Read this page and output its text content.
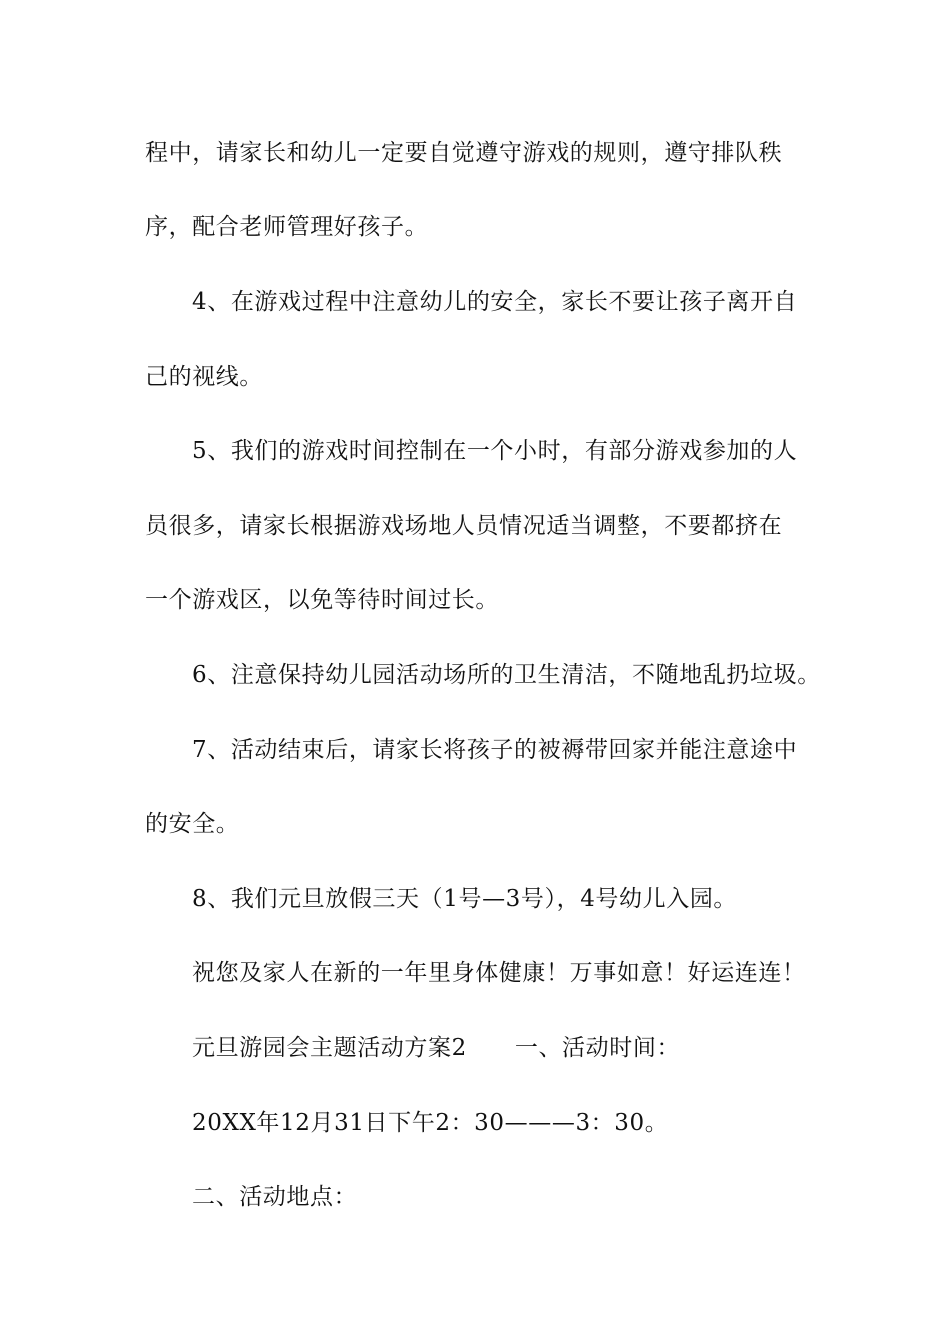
程中，请家长和幼儿一定要自觉遵守游戏的规则，遵守排队秩

序，配合老师管理好孩子。

4、在游戏过程中注意幼儿的安全，家长不要让孩子离开自

己的视线。

5、我们的游戏时间控制在一个小时，有部分游戏参加的人

员很多，请家长根据游戏场地人员情况适当调整，不要都挤在

一个游戏区，以免等待时间过长。

6、注意保持幼儿园活动场所的卫生清洁，不随地乱扔垃圾。

7、活动结束后，请家长将孩子的被褥带回家并能注意途中

的安全。

8、我们元旦放假三天（1号—3号），4号幼儿入园。

祝您及家人在新的一年里身体健康！万事如意！好运连连！

元旦游园会主题活动方案2 一、活动时间：

20XX年12月31日下午2：30———3：30。

二、活动地点：
